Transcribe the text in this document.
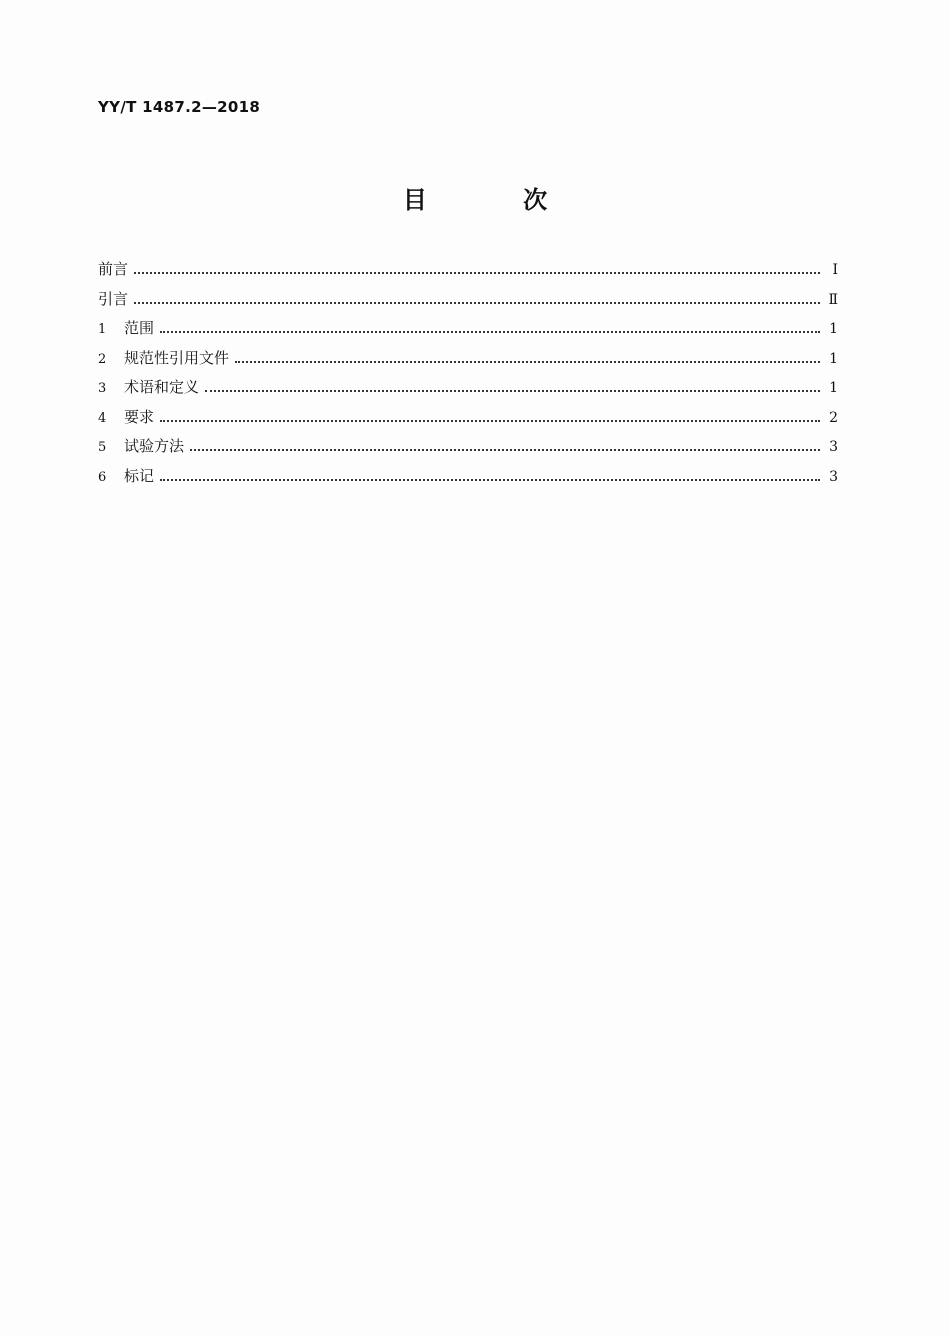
YY/T 1487.2—2018
目 次
前言	Ⅰ
引言	Ⅱ
1	范围	1
2	规范性引用文件	1
3	术语和定义	1
4	要求	2
5	试验方法	3
6	标记	3
